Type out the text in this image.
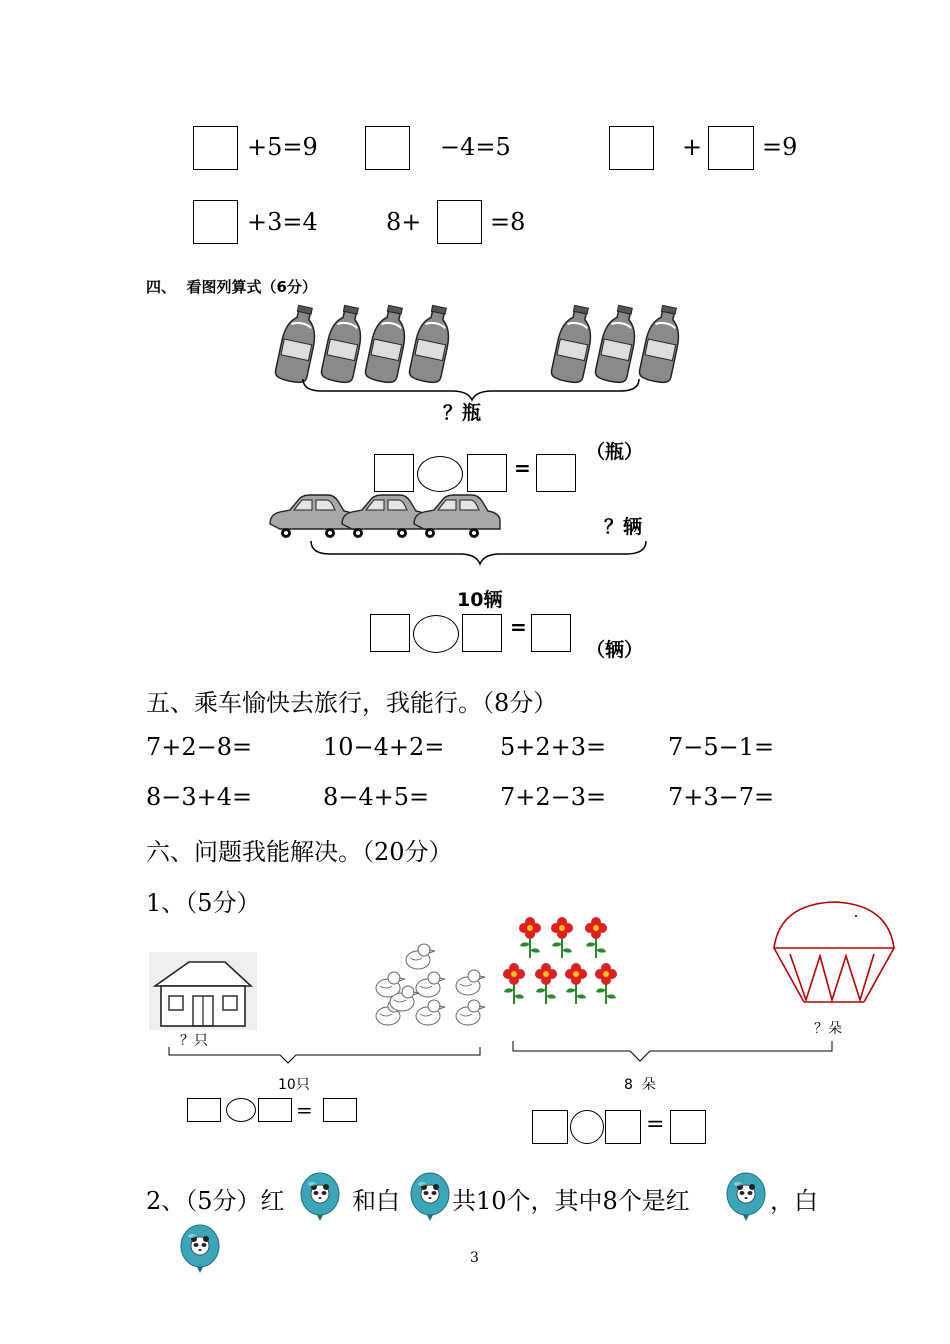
+5=9	−4=5	+ =9
+3=4	8+	=8
四、  看图列算式（6分）
？瓶
=
（瓶）
？辆
10辆
=
（辆）
五、乘车愉快去旅行，我能行。（8分）
7+2−8=	10−4+2= 5+2+3=	7−5−1=
8−3+4=	8−4+5=	7+2−3=	7+3−7=
六、问题我能解决。（20分）
1、（5分）
？只
10只
=
？朵
8  朵
=
2、（5分）红	和白 共10个，其中8个是红	，白
3
